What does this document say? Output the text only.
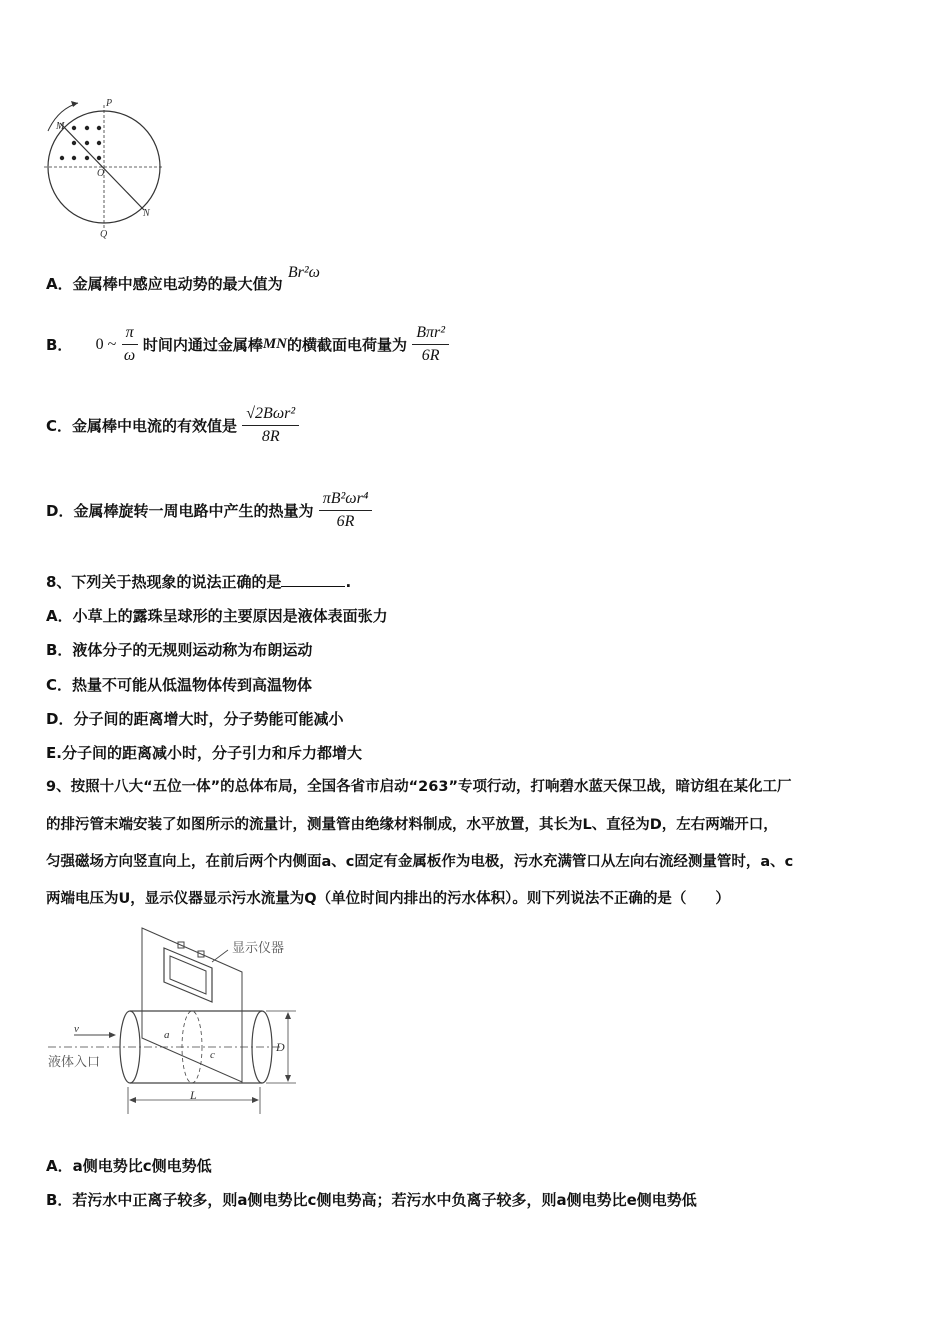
P
M
O
N
Q
A．金属棒中感应电动势的最大值为 Br²ω
B． 0 ~ $\frac{\pi}{\omega}$ 时间内通过金属棒MN的横截面电荷量为 $\frac{\text{Bπr²}}{6R}$
C．金属棒中电流的有效值是 $\frac{\text{√2Bωr²}}{8R}$
D．金属棒旋转一周电路中产生的热量为 $\frac{\text{πB²ωr⁴}}{6R}$
8、下列关于热现象的说法正确的是	.
A．小草上的露珠呈球形的主要原因是液体表面张力
B．液体分子的无规则运动称为布朗运动
C．热量不可能从低温物体传到高温物体
D．分子间的距离增大时，分子势能可能减小
E.分子间的距离减小时，分子引力和斥力都增大
9、按照十八大“五位一体”的总体布局，全国各省市启动“263”专项行动，打响碧水蓝天保卫战，暗访组在某化工厂
的排污管末端安装了如图所示的流量计，测量管由绝缘材料制成，水平放置，其长为L、直径为D，左右两端开口，
匀强磁场方向竖直向上，在前后两个内侧面a、c固定有金属板作为电极，污水充满管口从左向右流经测量管时，a、c
两端电压为U，显示仪器显示污水流量为Q（单位时间内排出的污水体积）。则下列说法不正确的是（　　）
显示仪器
v
液体入口
a
c
D
L
A．a侧电势比c侧电势低
B．若污水中正离子较多，则a侧电势比c侧电势高；若污水中负离子较多，则a侧电势比e侧电势低
